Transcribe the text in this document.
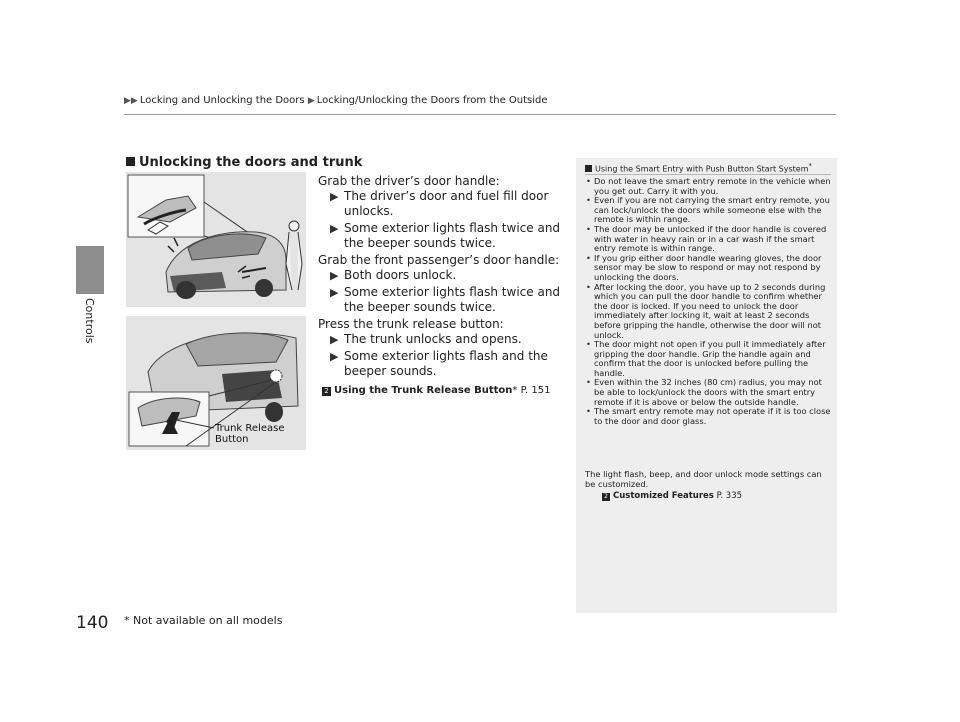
▶▶ Locking and Unlocking the Doors ▶ Locking/Unlocking the Doors from the Outside
Controls
Unlocking the doors and trunk
Trunk Release
Button
Grab the driver’s door handle:
▶ The driver’s door and fuel fill door unlocks.
▶ Some exterior lights flash twice and the beeper sounds twice.
Grab the front passenger’s door handle:
▶ Both doors unlock.
▶ Some exterior lights flash twice and the beeper sounds twice.
Press the trunk release button:
▶ The trunk unlocks and opens.
▶ Some exterior lights flash and the beeper sounds.
2 Using the Trunk Release Button* P. 151
Using the Smart Entry with Push Button Start System*
• Do not leave the smart entry remote in the vehicle when you get out. Carry it with you.
• Even if you are not carrying the smart entry remote, you can lock/unlock the doors while someone else with the remote is within range.
• The door may be unlocked if the door handle is covered with water in heavy rain or in a car wash if the smart entry remote is within range.
• If you grip either door handle wearing gloves, the door sensor may be slow to respond or may not respond by unlocking the doors.
• After locking the door, you have up to 2 seconds during which you can pull the door handle to confirm whether the door is locked. If you need to unlock the door immediately after locking it, wait at least 2 seconds before gripping the handle, otherwise the door will not unlock.
• The door might not open if you pull it immediately after gripping the door handle. Grip the handle again and confirm that the door is unlocked before pulling the handle.
• Even within the 32 inches (80 cm) radius, you may not be able to lock/unlock the doors with the smart entry remote if it is above or below the outside handle.
• The smart entry remote may not operate if it is too close to the door and door glass.
The light flash, beep, and door unlock mode settings can be customized.
2 Customized Features P. 335
140 * Not available on all models
